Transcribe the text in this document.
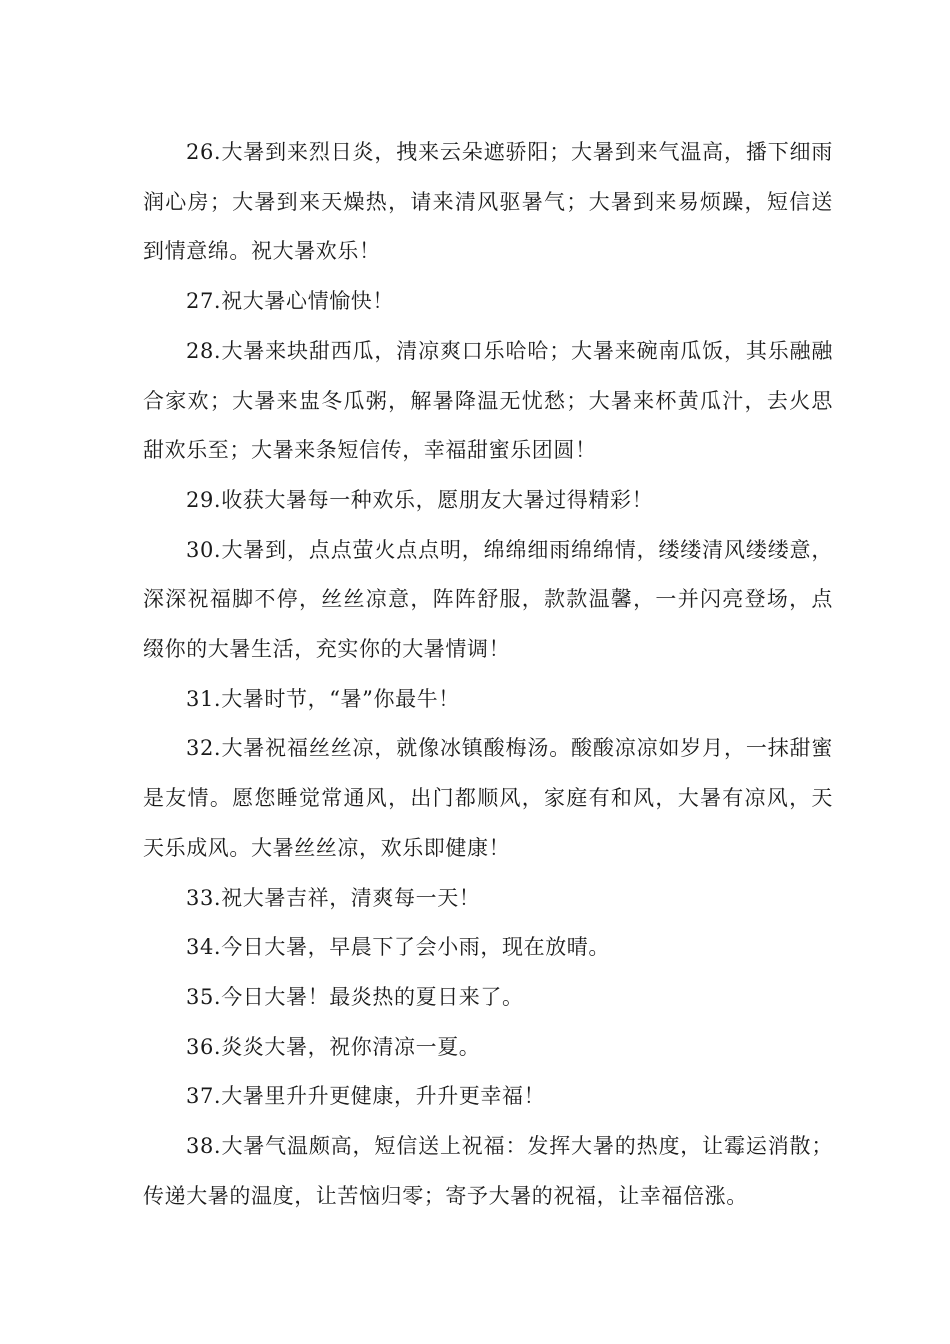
26.大暑到来烈日炎，拽来云朵遮骄阳；大暑到来气温高，播下细雨润心房；大暑到来天燥热，请来清风驱暑气；大暑到来易烦躁，短信送到情意绵。祝大暑欢乐！

27.祝大暑心情愉快！

28.大暑来块甜西瓜，清凉爽口乐哈哈；大暑来碗南瓜饭，其乐融融合家欢；大暑来盅冬瓜粥，解暑降温无忧愁；大暑来杯黄瓜汁，去火思甜欢乐至；大暑来条短信传，幸福甜蜜乐团圆！

29.收获大暑每一种欢乐，愿朋友大暑过得精彩！

30.大暑到，点点萤火点点明，绵绵细雨绵绵情，缕缕清风缕缕意，深深祝福脚不停，丝丝凉意，阵阵舒服，款款温馨，一并闪亮登场，点缀你的大暑生活，充实你的大暑情调！

31.大暑时节，“暑”你最牛！

32.大暑祝福丝丝凉，就像冰镇酸梅汤。酸酸凉凉如岁月，一抹甜蜜是友情。愿您睡觉常通风，出门都顺风，家庭有和风，大暑有凉风，天天乐成风。大暑丝丝凉，欢乐即健康！

33.祝大暑吉祥，清爽每一天！

34.今日大暑，早晨下了会小雨，现在放晴。

35.今日大暑！最炎热的夏日来了。

36.炎炎大暑，祝你清凉一夏。

37.大暑里升升更健康，升升更幸福！

38.大暑气温颇高，短信送上祝福：发挥大暑的热度，让霉运消散；传递大暑的温度，让苦恼归零；寄予大暑的祝福，让幸福倍涨。
